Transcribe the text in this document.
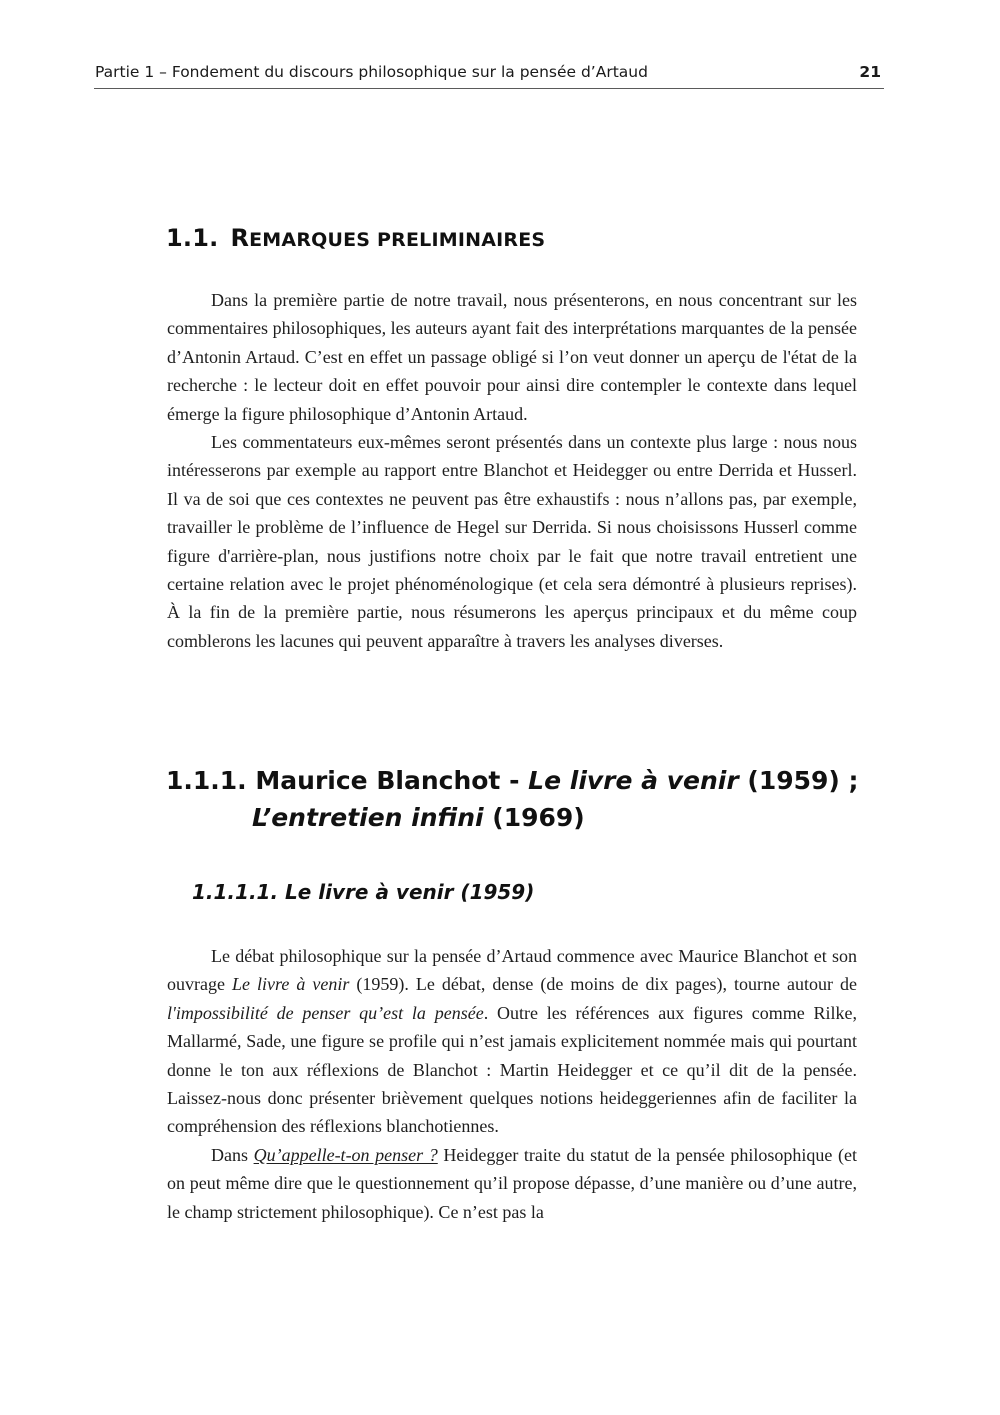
Partie 1 – Fondement du discours philosophique sur la pensée d’Artaud	21
1.1. REMARQUES PRELIMINAIRES

Dans la première partie de notre travail, nous présenterons, en nous concentrant sur les commentaires philosophiques, les auteurs ayant fait des interprétations marquantes de la pensée d’Antonin Artaud. C’est en effet un passage obligé si l’on veut donner un aperçu de l'état de la recherche : le lecteur doit en effet pouvoir pour ainsi dire contempler le contexte dans lequel émerge la figure philosophique d’Antonin Artaud.

Les commentateurs eux-mêmes seront présentés dans un contexte plus large : nous nous intéresserons par exemple au rapport entre Blanchot et Heidegger ou entre Derrida et Husserl. Il va de soi que ces contextes ne peuvent pas être exhaustifs : nous n’allons pas, par exemple, travailler le problème de l’influence de Hegel sur Derrida. Si nous choisissons Husserl comme figure d'arrière-plan, nous justifions notre choix par le fait que notre travail entretient une certaine relation avec le projet phénoménologique (et cela sera démontré à plusieurs reprises). À la fin de la première partie, nous résumerons les aperçus principaux et du même coup comblerons les lacunes qui peuvent apparaître à travers les analyses diverses.

1.1.1. Maurice Blanchot - Le livre à venir (1959) ;
L’entretien infini (1969)
1.1.1.1. Le livre à venir (1959)

Le débat philosophique sur la pensée d’Artaud commence avec Maurice Blanchot et son ouvrage Le livre à venir (1959). Le débat, dense (de moins de dix pages), tourne autour de l'impossibilité de penser qu’est la pensée. Outre les références aux figures comme Rilke, Mallarmé, Sade, une figure se profile qui n’est jamais explicitement nommée mais qui pourtant donne le ton aux réflexions de Blanchot : Martin Heidegger et ce qu’il dit de la pensée. Laissez-nous donc présenter brièvement quelques notions heideggeriennes afin de faciliter la compréhension des réflexions blanchotiennes.

Dans Qu’appelle-t-on penser ? Heidegger traite du statut de la pensée philosophique (et on peut même dire que le questionnement qu’il propose dépasse, d’une manière ou d’une autre, le champ strictement philosophique). Ce n’est pas la
